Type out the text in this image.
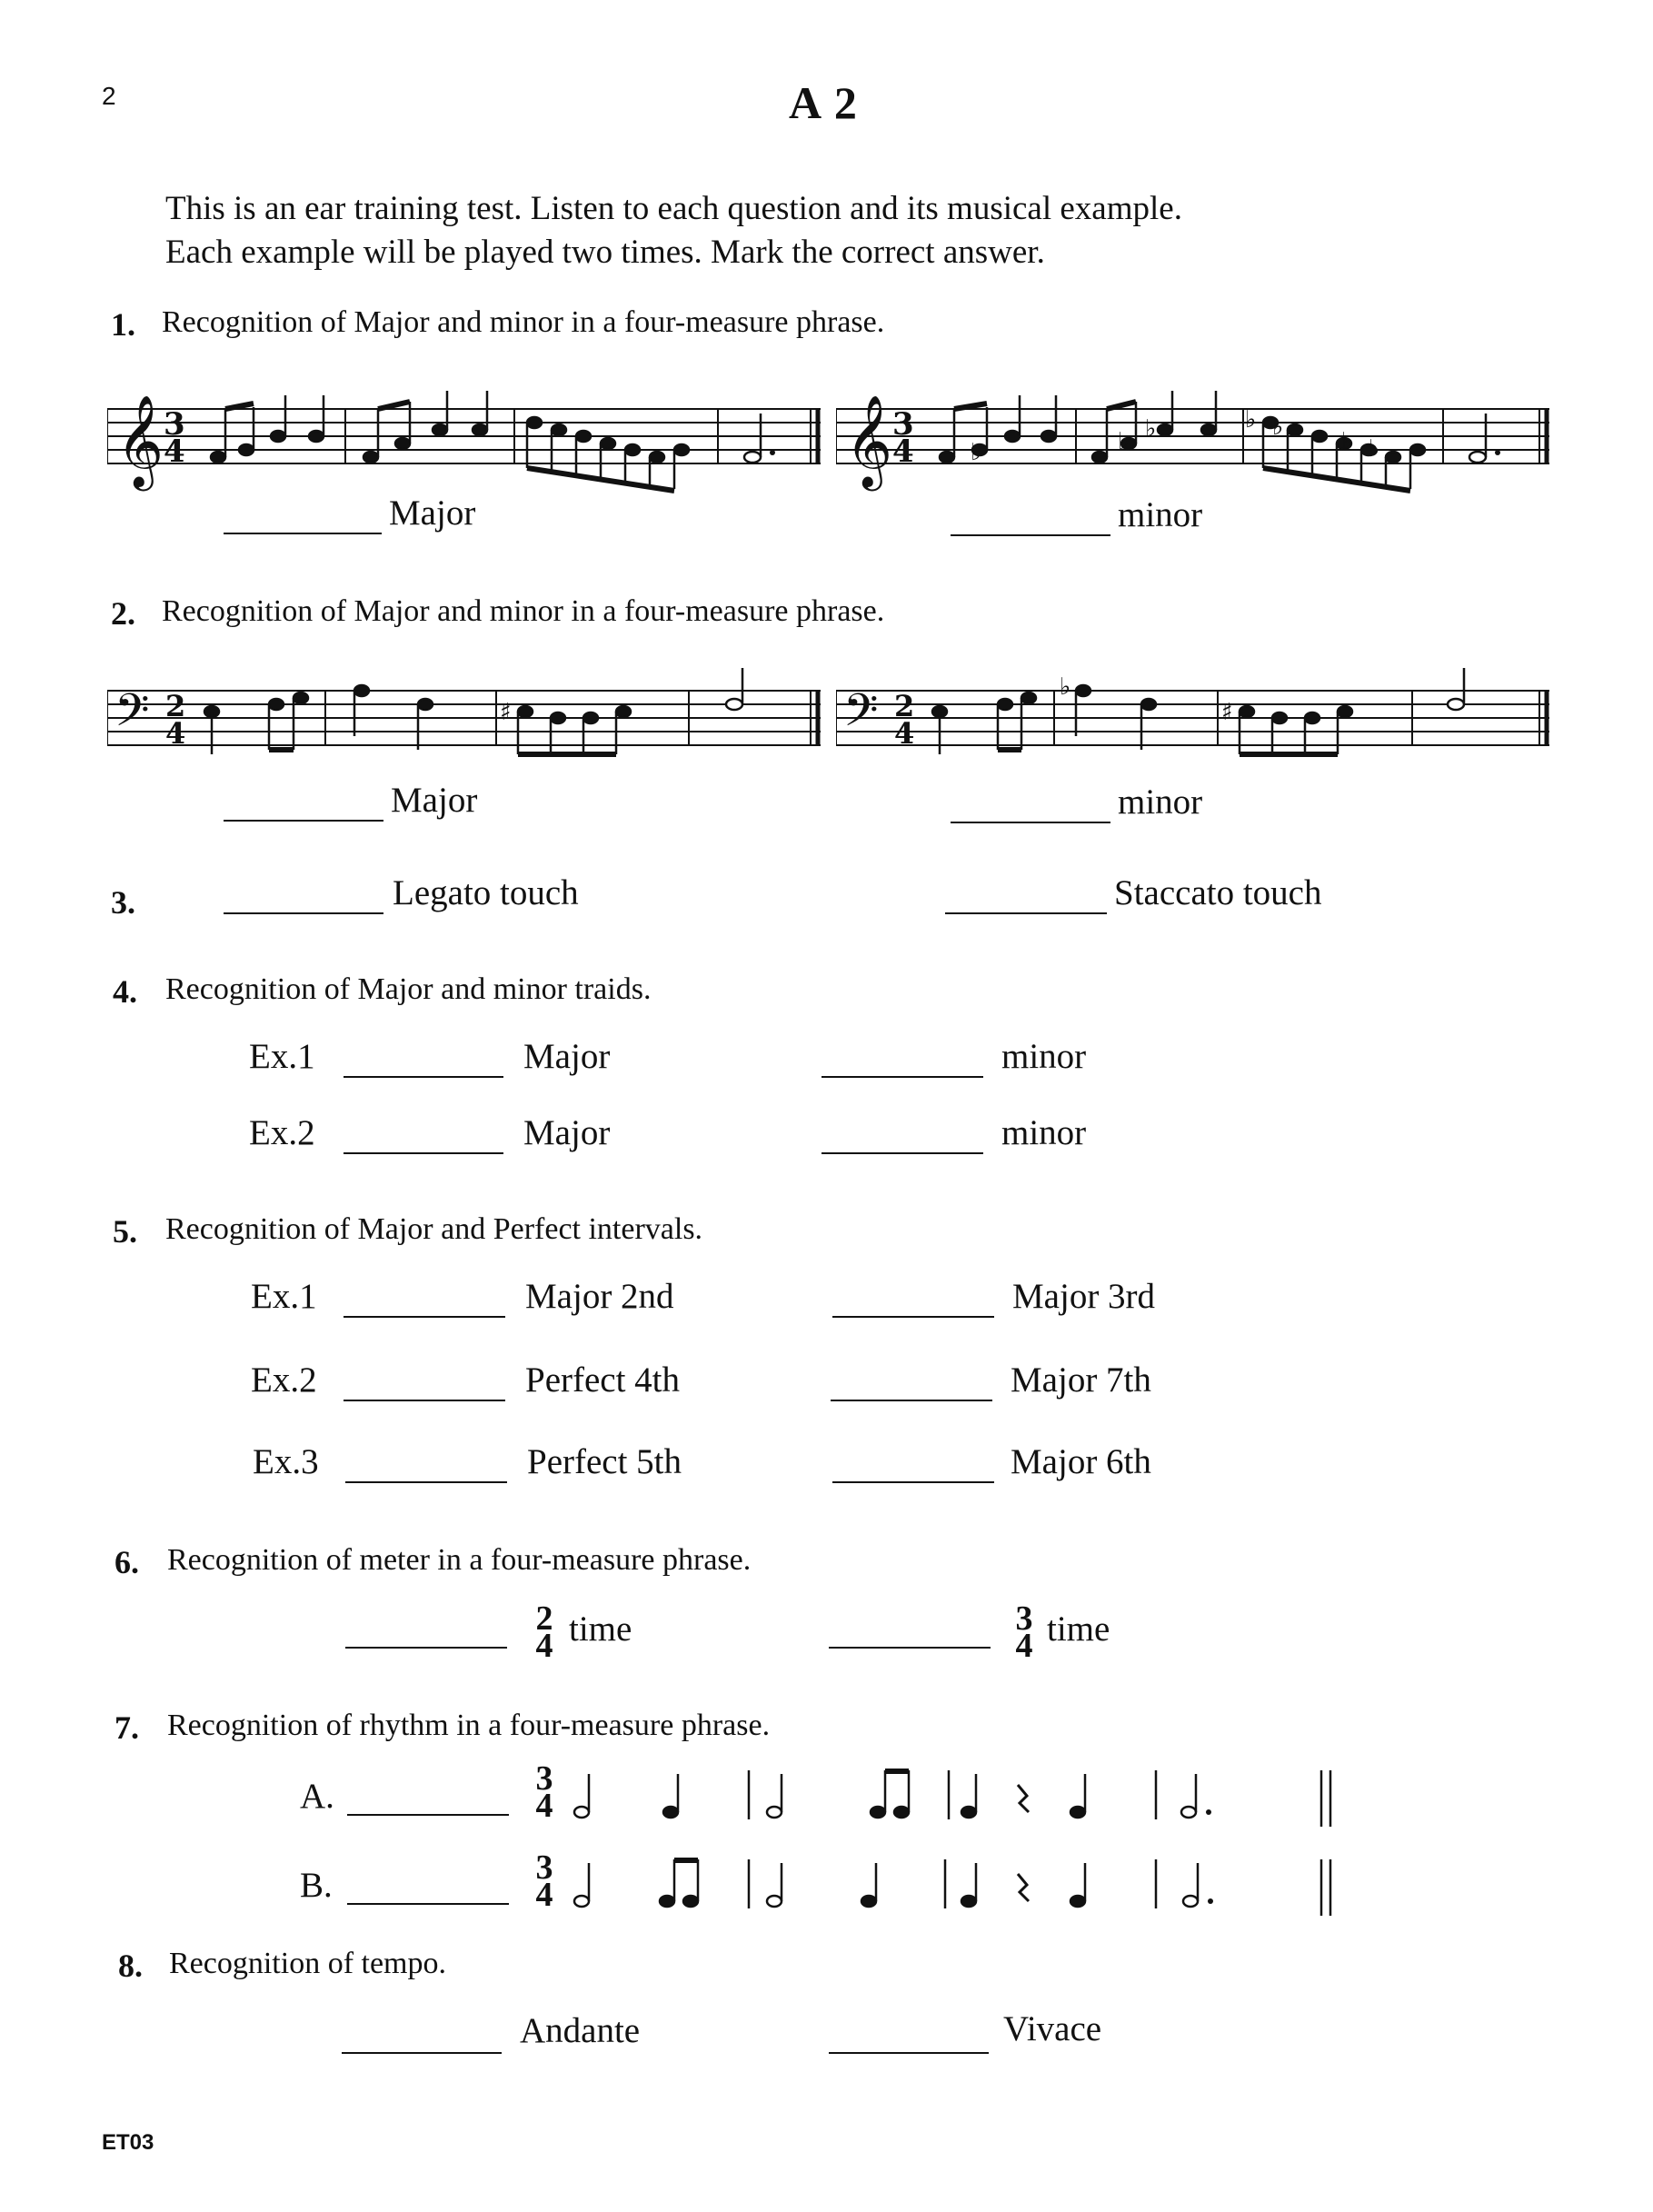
2	A 2
This is an ear training test. Listen to each question and its musical example.
Each example will be played two times. Mark the correct answer.
1. Recognition of Major and minor in a four-measure phrase.
𝄞 3
4	𝄞 3
4 ♭	♭ ♭	♭ ♭
♭ ♭
Major	minor
2. Recognition of Major and minor in a four-measure phrase.
𝄢 2
4
♯	𝄢 2
4
♭
♯
Major	minor
3.	Legato touch	Staccato touch
4. Recognition of Major and minor traids.
Ex.1	Major	minor
Ex.2	Major	minor
5. Recognition of Major and Perfect intervals.
Ex.1	Major 2nd	Major 3rd
Ex.2	Perfect 4th	Major 7th
Ex.3	Perfect 5th	Major 6th
6. Recognition of meter in a four-measure phrase.
2
4 time	3
4 time
7. Recognition of rhythm in a four-measure phrase.
A.	3
4
B.	3
4
8. Recognition of tempo.
Andante	Vivace
ET03
